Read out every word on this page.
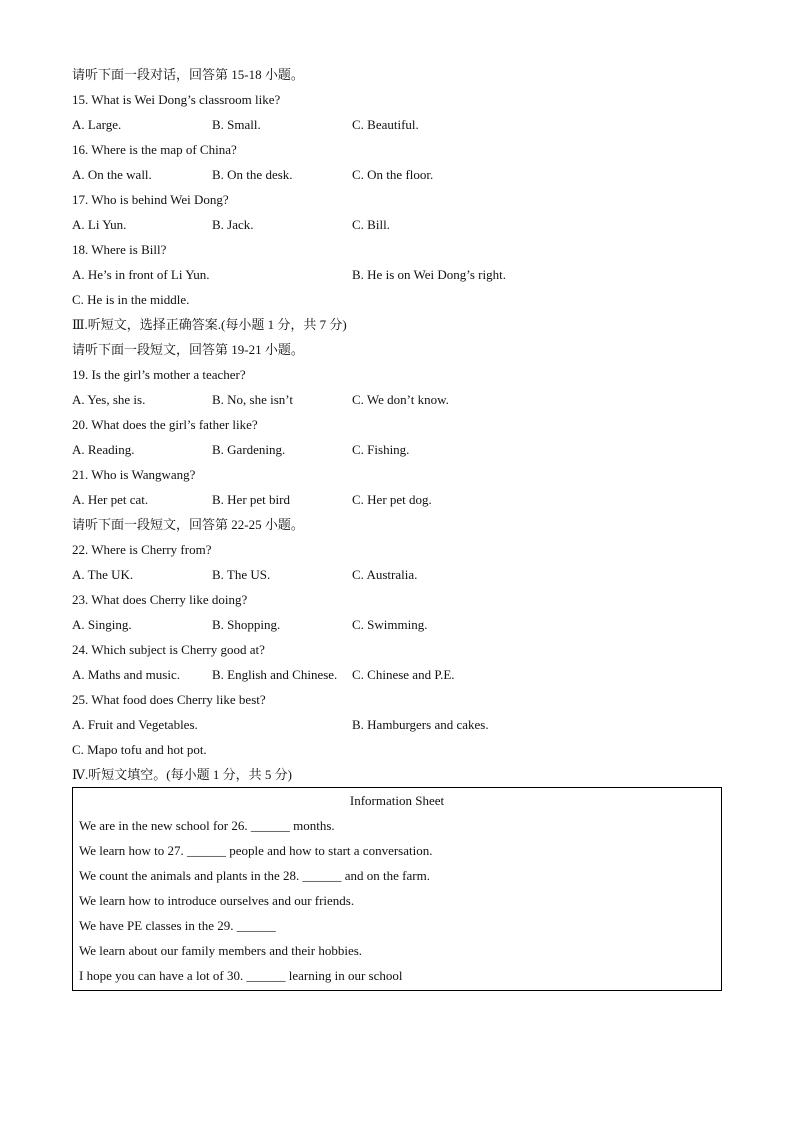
请听下面一段对话，回答第 15-18 小题。
15. What is Wei Dong’s classroom like?
A. Large.	B. Small.	C. Beautiful.
16. Where is the map of China?
A. On the wall.	B. On the desk.	C. On the floor.
17. Who is behind Wei Dong?
A. Li Yun.	B. Jack.	C. Bill.
18. Where is Bill?
A. He’s in front of Li Yun.	B. He is on Wei Dong’s right.
C. He is in the middle.
Ⅲ.听短文，选择正确答案.(每小题 1 分，共 7 分)
请听下面一段短文，回答第 19-21 小题。
19. Is the girl’s mother a teacher?
A. Yes, she is.	B. No, she isn’t	C. We don’t know.
20. What does the girl’s father like?
A. Reading.	B. Gardening.	C. Fishing.
21. Who is Wangwang?
A. Her pet cat.	B. Her pet bird	C. Her pet dog.
请听下面一段短文，回答第 22-25 小题。
22. Where is Cherry from?
A. The UK.	B. The US.	C. Australia.
23. What does Cherry like doing?
A. Singing.	B. Shopping.	C. Swimming.
24. Which subject is Cherry good at?
A. Maths and music.	B. English and Chinese.	C. Chinese and P.E.
25. What food does Cherry like best?
A. Fruit and Vegetables.	B. Hamburgers and cakes.
C. Mapo tofu and hot pot.
Ⅳ.听短文填空。(每小题 1 分，共 5 分)
Information Sheet
We are in the new school for 26. ______ months.
We learn how to 27. ______ people and how to start a conversation.
We count the animals and plants in the 28. ______ and on the farm.
We learn how to introduce ourselves and our friends.
We have PE classes in the 29. ______
We learn about our family members and their hobbies.
I hope you can have a lot of 30. ______ learning in our school
